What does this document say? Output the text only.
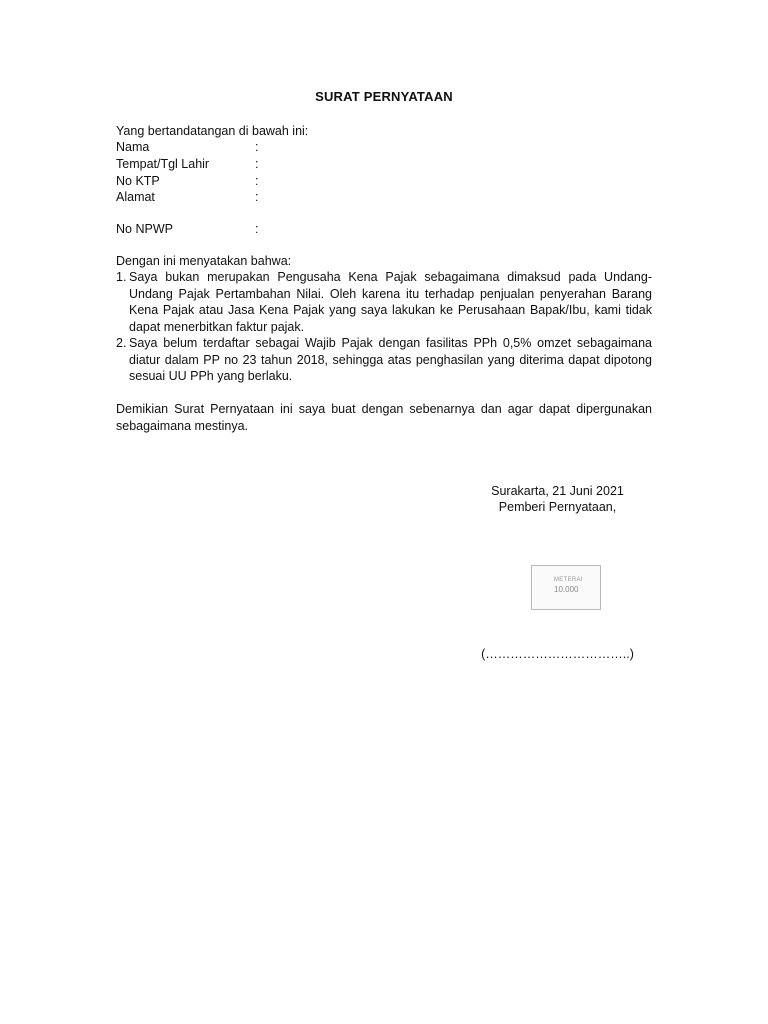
SURAT PERNYATAAN
Yang bertandatangan di bawah ini:
Nama	:
Tempat/Tgl Lahir	:
No KTP	:
Alamat	:
No NPWP	:
Dengan ini menyatakan bahwa:
1. Saya bukan merupakan Pengusaha Kena Pajak sebagaimana dimaksud pada Undang-Undang Pajak Pertambahan Nilai. Oleh karena itu terhadap penjualan penyerahan Barang Kena Pajak atau Jasa Kena Pajak yang saya lakukan ke Perusahaan Bapak/Ibu, kami tidak dapat menerbitkan faktur pajak.
2. Saya belum terdaftar sebagai Wajib Pajak dengan fasilitas PPh 0,5% omzet sebagaimana diatur dalam PP no 23 tahun 2018, sehingga atas penghasilan yang diterima dapat dipotong sesuai UU PPh yang berlaku.
Demikian Surat Pernyataan ini saya buat dengan sebenarnya dan agar dapat dipergunakan sebagaimana mestinya.
Surakarta, 21 Juni 2021
Pemberi Pernyataan,
METERAI
10.000
(……………………………..)
